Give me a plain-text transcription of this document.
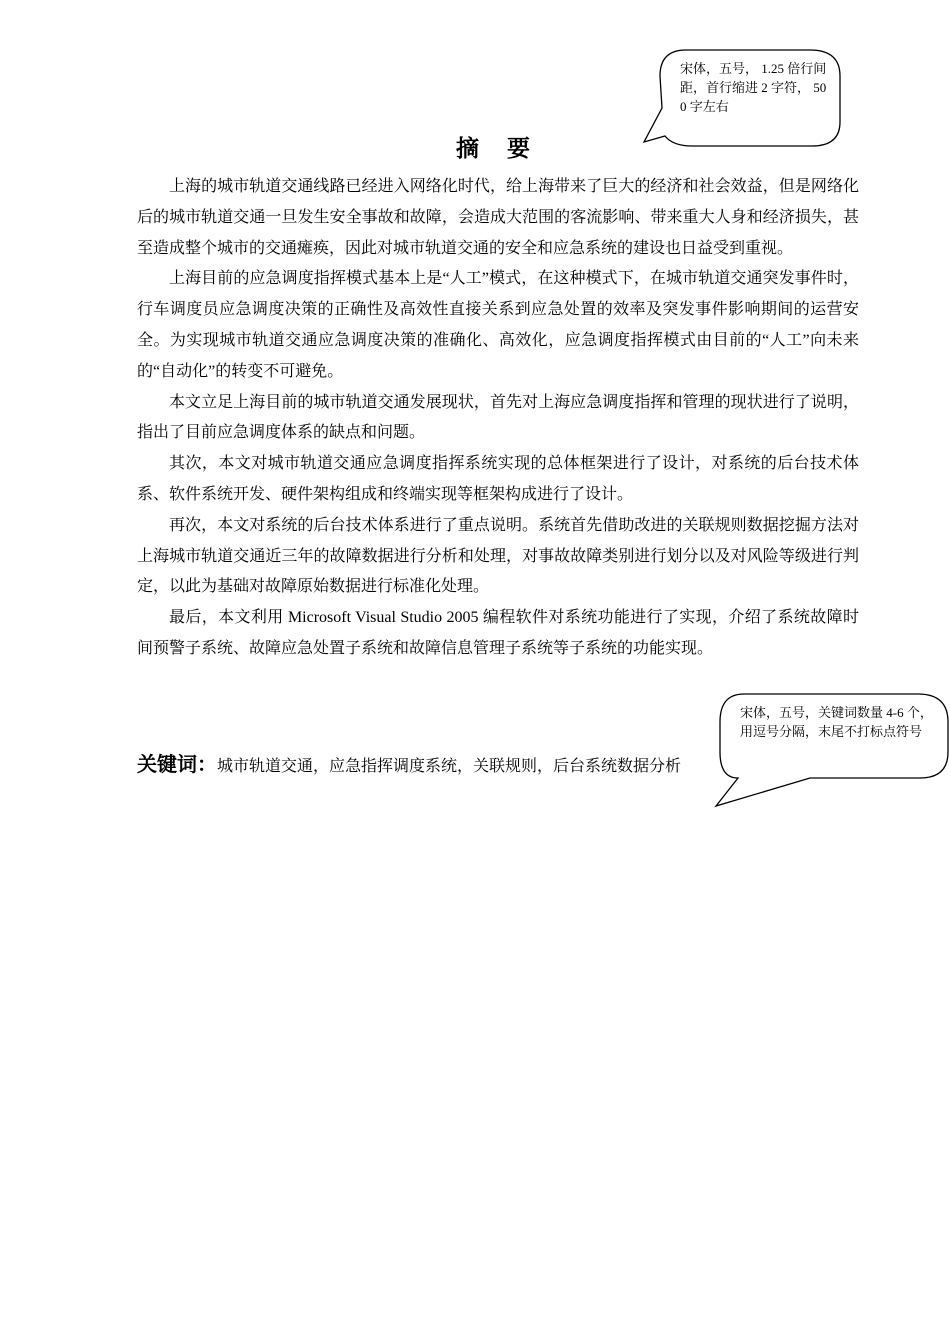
宋体，五号， 1.25 倍行间距，首行缩进 2 字符， 500 字左右
摘 要

上海的城市轨道交通线路已经进入网络化时代，给上海带来了巨大的经济和社会效益，但是网络化后的城市轨道交通一旦发生安全事故和故障，会造成大范围的客流影响、带来重大人身和经济损失，甚至造成整个城市的交通瘫痪，因此对城市轨道交通的安全和应急系统的建设也日益受到重视。

上海目前的应急调度指挥模式基本上是“人工”模式，在这种模式下，在城市轨道交通突发事件时，行车调度员应急调度决策的正确性及高效性直接关系到应急处置的效率及突发事件影响期间的运营安全。为实现城市轨道交通应急调度决策的准确化、高效化，应急调度指挥模式由目前的“人工”向未来的“自动化”的转变不可避免。

本文立足上海目前的城市轨道交通发展现状，首先对上海应急调度指挥和管理的现状进行了说明，指出了目前应急调度体系的缺点和问题。

其次，本文对城市轨道交通应急调度指挥系统实现的总体框架进行了设计，对系统的后台技术体系、软件系统开发、硬件架构组成和终端实现等框架构成进行了设计。

再次，本文对系统的后台技术体系进行了重点说明。系统首先借助改进的关联规则数据挖掘方法对上海城市轨道交通近三年的故障数据进行分析和处理，对事故故障类别进行划分以及对风险等级进行判定，以此为基础对故障原始数据进行标准化处理。

最后，本文利用 Microsoft Visual Studio 2005 编程软件对系统功能进行了实现，介绍了系统故障时间预警子系统、故障应急处置子系统和故障信息管理子系统等子系统的功能实现。

宋体，五号，关键词数量 4-6 个，用逗号分隔，末尾不打标点符号
关键词：城市轨道交通，应急指挥调度系统，关联规则，后台系统数据分析
